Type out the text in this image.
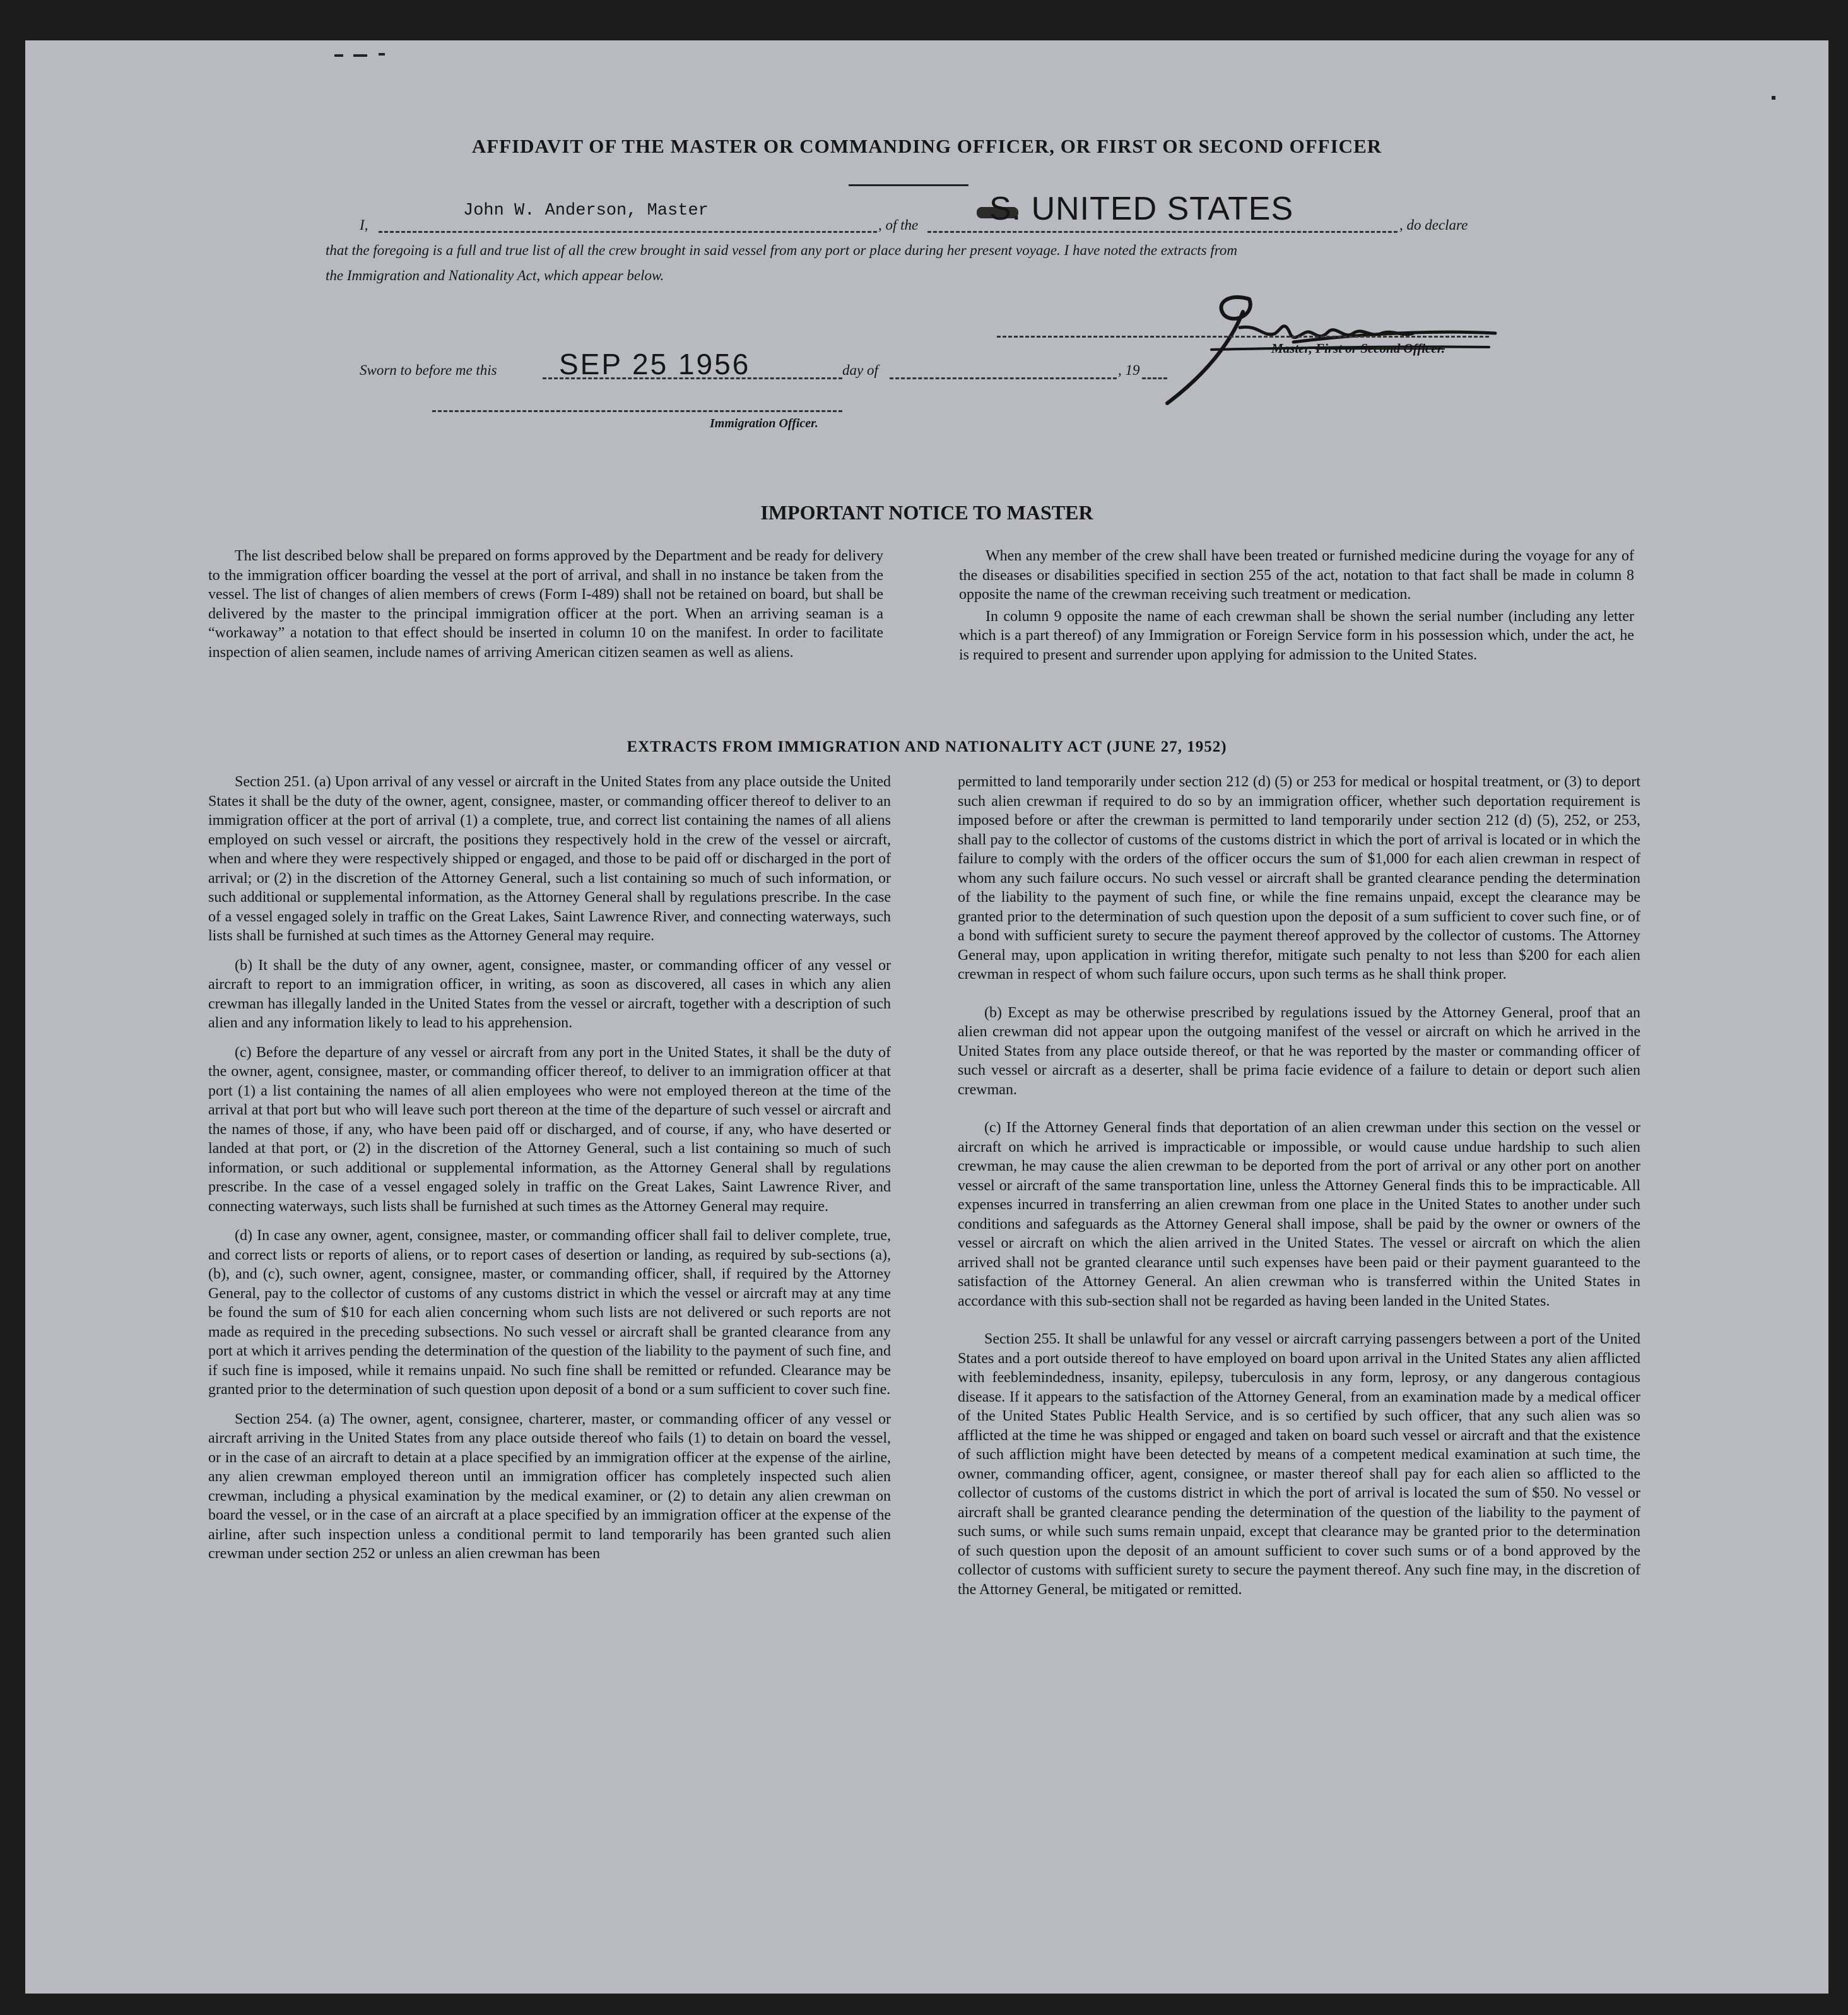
AFFIDAVIT OF THE MASTER OR COMMANDING OFFICER, OR FIRST OR SECOND OFFICER
I,
John W. Anderson, Master
, of the S. UNITED STATES	, do declare
that the foregoing is a full and true list of all the crew brought in said vessel from any port or place during her present voyage. I have noted the extracts from
the Immigration and Nationality Act, which appear below.
Master, First or Second Officer.
Sworn to before me this SEP 25 1956	day of	, 19
Immigration Officer.
IMPORTANT NOTICE TO MASTER

The list described below shall be prepared on forms approved by the Department and be ready for delivery to the immigration officer boarding the vessel at the port of arrival, and shall in no instance be taken from the vessel. The list of changes of alien members of crews (Form I-489) shall not be retained on board, but shall be delivered by the master to the principal immigration officer at the port. When an arriving seaman is a “workaway” a notation to that effect should be inserted in column 10 on the manifest. In order to facilitate inspection of alien seamen, include names of arriving American citizen seamen as well as aliens.

When any member of the crew shall have been treated or furnished medicine during the voyage for any of the diseases or disabilities specified in section 255 of the act, notation to that fact shall be made in column 8 opposite the name of the crewman receiving such treatment or medication.

In column 9 opposite the name of each crewman shall be shown the serial number (including any letter which is a part thereof) of any Immigration or Foreign Service form in his possession which, under the act, he is required to present and surrender upon applying for admission to the United States.

EXTRACTS FROM IMMIGRATION AND NATIONALITY ACT (JUNE 27, 1952)

Section 251. (a) Upon arrival of any vessel or aircraft in the United States from any place outside the United States it shall be the duty of the owner, agent, consignee, master, or commanding officer thereof to deliver to an immigration officer at the port of arrival (1) a complete, true, and correct list containing the names of all aliens employed on such vessel or aircraft, the positions they respectively hold in the crew of the vessel or aircraft, when and where they were respectively shipped or engaged, and those to be paid off or discharged in the port of arrival; or (2) in the discretion of the Attorney General, such a list containing so much of such information, or such additional or supplemental information, as the Attorney General shall by regulations prescribe. In the case of a vessel engaged solely in traffic on the Great Lakes, Saint Lawrence River, and connecting waterways, such lists shall be furnished at such times as the Attorney General may require.

(b) It shall be the duty of any owner, agent, consignee, master, or commanding officer of any vessel or aircraft to report to an immigration officer, in writing, as soon as discovered, all cases in which any alien crewman has illegally landed in the United States from the vessel or aircraft, together with a description of such alien and any information likely to lead to his apprehension.

(c) Before the departure of any vessel or aircraft from any port in the United States, it shall be the duty of the owner, agent, consignee, master, or commanding officer thereof, to deliver to an immigration officer at that port (1) a list containing the names of all alien employees who were not employed thereon at the time of the arrival at that port but who will leave such port thereon at the time of the departure of such vessel or aircraft and the names of those, if any, who have been paid off or discharged, and of course, if any, who have deserted or landed at that port, or (2) in the discretion of the Attorney General, such a list containing so much of such information, or such additional or supplemental information, as the Attorney General shall by regulations prescribe. In the case of a vessel engaged solely in traffic on the Great Lakes, Saint Lawrence River, and connecting waterways, such lists shall be furnished at such times as the Attorney General may require.

(d) In case any owner, agent, consignee, master, or commanding officer shall fail to deliver complete, true, and correct lists or reports of aliens, or to report cases of desertion or landing, as required by sub-sections (a), (b), and (c), such owner, agent, consignee, master, or commanding officer, shall, if required by the Attorney General, pay to the collector of customs of any customs district in which the vessel or aircraft may at any time be found the sum of $10 for each alien concerning whom such lists are not delivered or such reports are not made as required in the preceding subsections. No such vessel or aircraft shall be granted clearance from any port at which it arrives pending the determination of the question of the liability to the payment of such fine, and if such fine is imposed, while it remains unpaid. No such fine shall be remitted or refunded. Clearance may be granted prior to the determination of such question upon deposit of a bond or a sum sufficient to cover such fine.

Section 254. (a) The owner, agent, consignee, charterer, master, or commanding officer of any vessel or aircraft arriving in the United States from any place outside thereof who fails (1) to detain on board the vessel, or in the case of an aircraft to detain at a place specified by an immigration officer at the expense of the airline, any alien crewman employed thereon until an immigration officer has completely inspected such alien crewman, including a physical examination by the medical examiner, or (2) to detain any alien crewman on board the vessel, or in the case of an aircraft at a place specified by an immigration officer at the expense of the airline, after such inspection unless a conditional permit to land temporarily has been granted such alien crewman under section 252 or unless an alien crewman has been

permitted to land temporarily under section 212 (d) (5) or 253 for medical or hospital treatment, or (3) to deport such alien crewman if required to do so by an immigration officer, whether such deportation requirement is imposed before or after the crewman is permitted to land temporarily under section 212 (d) (5), 252, or 253, shall pay to the collector of customs of the customs district in which the port of arrival is located or in which the failure to comply with the orders of the officer occurs the sum of $1,000 for each alien crewman in respect of whom any such failure occurs. No such vessel or aircraft shall be granted clearance pending the determination of the liability to the payment of such fine, or while the fine remains unpaid, except the clearance may be granted prior to the determination of such question upon the deposit of a sum sufficient to cover such fine, or of a bond with sufficient surety to secure the payment thereof approved by the collector of customs. The Attorney General may, upon application in writing therefor, mitigate such penalty to not less than $200 for each alien crewman in respect of whom such failure occurs, upon such terms as he shall think proper.

(b) Except as may be otherwise prescribed by regulations issued by the Attorney General, proof that an alien crewman did not appear upon the outgoing manifest of the vessel or aircraft on which he arrived in the United States from any place outside thereof, or that he was reported by the master or commanding officer of such vessel or aircraft as a deserter, shall be prima facie evidence of a failure to detain or deport such alien crewman.

(c) If the Attorney General finds that deportation of an alien crewman under this section on the vessel or aircraft on which he arrived is impracticable or impossible, or would cause undue hardship to such alien crewman, he may cause the alien crewman to be deported from the port of arrival or any other port on another vessel or aircraft of the same transportation line, unless the Attorney General finds this to be impracticable. All expenses incurred in transferring an alien crewman from one place in the United States to another under such conditions and safeguards as the Attorney General shall impose, shall be paid by the owner or owners of the vessel or aircraft on which the alien arrived in the United States. The vessel or aircraft on which the alien arrived shall not be granted clearance until such expenses have been paid or their payment guaranteed to the satisfaction of the Attorney General. An alien crewman who is transferred within the United States in accordance with this sub-section shall not be regarded as having been landed in the United States.

Section 255. It shall be unlawful for any vessel or aircraft carrying passengers between a port of the United States and a port outside thereof to have employed on board upon arrival in the United States any alien afflicted with feeblemindedness, insanity, epilepsy, tuberculosis in any form, leprosy, or any dangerous contagious disease. If it appears to the satisfaction of the Attorney General, from an examination made by a medical officer of the United States Public Health Service, and is so certified by such officer, that any such alien was so afflicted at the time he was shipped or engaged and taken on board such vessel or aircraft and that the existence of such affliction might have been detected by means of a competent medical examination at such time, the owner, commanding officer, agent, consignee, or master thereof shall pay for each alien so afflicted to the collector of customs of the customs district in which the port of arrival is located the sum of $50. No vessel or aircraft shall be granted clearance pending the determination of the question of the liability to the payment of such sums, or while such sums remain unpaid, except that clearance may be granted prior to the determination of such question upon the deposit of an amount sufficient to cover such sums or of a bond approved by the collector of customs with sufficient surety to secure the payment thereof. Any such fine may, in the discretion of the Attorney General, be mitigated or remitted.
